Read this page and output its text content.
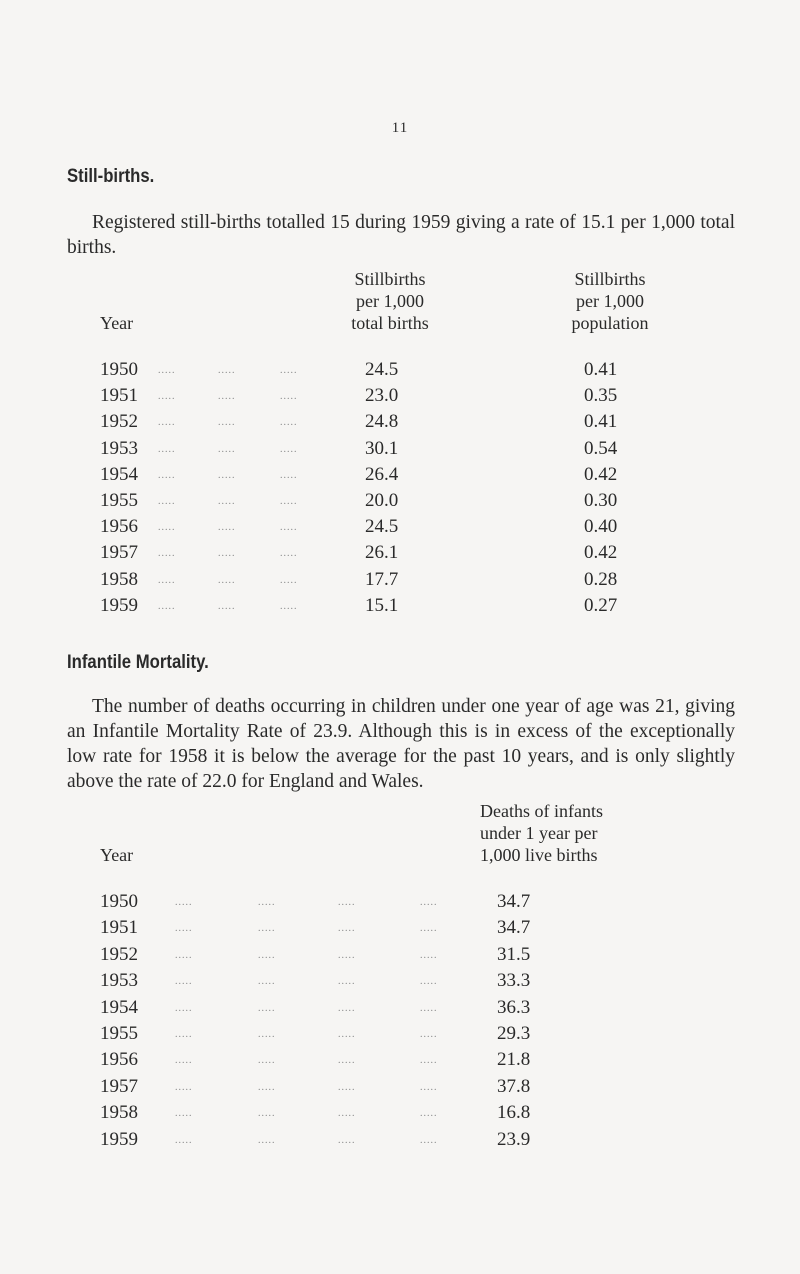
11
Still-births.
Registered still-births totalled 15 during 1959 giving a rate of 15.1 per 1,000 total births.
Year
Stillbirths
per 1,000
total births
Stillbirths
per 1,000
population
1950 .....	.....	.....	24.5	0.41
1951 .....	.....	.....	23.0	0.35
1952 .....	.....	.....	24.8	0.41
1953 .....	.....	.....	30.1	0.54
1954 .....	.....	.....	26.4	0.42
1955 .....	.....	.....	20.0	0.30
1956 .....	.....	.....	24.5	0.40
1957 .....	.....	.....	26.1	0.42
1958 .....	.....	.....	17.7	0.28
1959 .....	.....	.....	15.1	0.27
Infantile Mortality.
The number of deaths occurring in children under one year of age was 21, giving an Infantile Mortality Rate of 23.9. Although this is in excess of the exceptionally low rate for 1958 it is below the average for the past 10 years, and is only slightly above the rate of 22.0 for England and Wales.
Year
Deaths of infants
under 1 year per
1,000 live births
1950	.....	.....	.....	.....	34.7
1951	.....	.....	.....	.....	34.7
1952	.....	.....	.....	.....	31.5
1953	.....	.....	.....	.....	33.3
1954	.....	.....	.....	.....	36.3
1955	.....	.....	.....	.....	29.3
1956	.....	.....	.....	.....	21.8
1957	.....	.....	.....	.....	37.8
1958	.....	.....	.....	.....	16.8
1959	.....	.....	.....	.....	23.9
